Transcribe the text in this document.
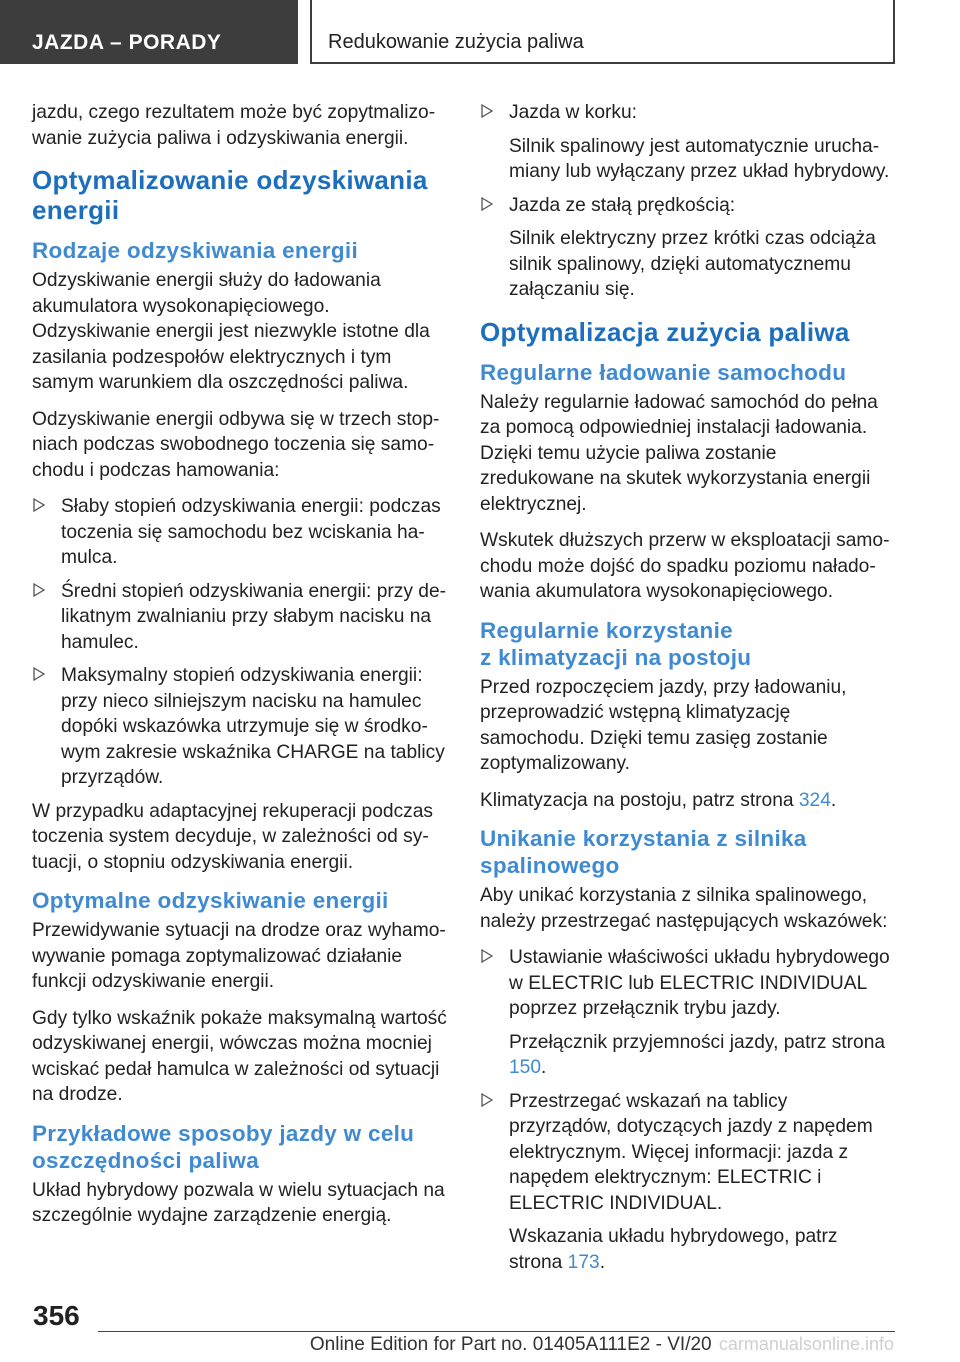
JAZDA – PORADY	Redukowanie zużycia paliwa

jazdu, czego rezultatem może być zopytmalizowanie zużycia paliwa i odzyskiwania energii.

Optymalizowanie odzyskiwania energii
Rodzaje odzyskiwania energii

Odzyskiwanie energii służy do ładowania akumulatora wysokonapięciowego. Odzyskiwanie energii jest niezwykle istotne dla zasilania podzespołów elektrycznych i tym samym warunkiem dla oszczędności paliwa.

Odzyskiwanie energii odbywa się w trzech stopniach podczas swobodnego toczenia się samochodu i podczas hamowania:

Słaby stopień odzyskiwania energii: podczas toczenia się samochodu bez wciskania hamulca.

Średni stopień odzyskiwania energii: przy delikatnym zwalnianiu przy słabym nacisku na hamulec.

Maksymalny stopień odzyskiwania energii: przy nieco silniejszym nacisku na hamulec dopóki wskazówka utrzymuje się w środkowym zakresie wskaźnika CHARGE na tablicy przyrządów.

W przypadku adaptacyjnej rekuperacji podczas toczenia system decyduje, w zależności od sytuacji, o stopniu odzyskiwania energii.

Optymalne odzyskiwanie energii

Przewidywanie sytuacji na drodze oraz wyhamowywanie pomaga zoptymalizować działanie funkcji odzyskiwanie energii.

Gdy tylko wskaźnik pokaże maksymalną wartość odzyskiwanej energii, wówczas można mocniej wciskać pedał hamulca w zależności od sytuacji na drodze.

Przykładowe sposoby jazdy w celu oszczędności paliwa

Układ hybrydowy pozwala w wielu sytuacjach na szczególnie wydajne zarządzenie energią.

Jazda w korku:

Silnik spalinowy jest automatycznie uruchamiany lub wyłączany przez układ hybrydowy.

Jazda ze stałą prędkością:

Silnik elektryczny przez krótki czas odciąża silnik spalinowy, dzięki automatycznemu załączaniu się.

Optymalizacja zużycia paliwa
Regularne ładowanie samochodu

Należy regularnie ładować samochód do pełna za pomocą odpowiedniej instalacji ładowania. Dzięki temu użycie paliwa zostanie zredukowane na skutek wykorzystania energii elektrycznej.

Wskutek dłuższych przerw w eksploatacji samochodu może dojść do spadku poziomu naładowania akumulatora wysokonapięciowego.

Regularnie korzystanie
z klimatyzacji na postoju

Przed rozpoczęciem jazdy, przy ładowaniu, przeprowadzić wstępną klimatyzację samochodu. Dzięki temu zasięg zostanie zoptymalizowany.

Klimatyzacja na postoju, patrz strona 324.

Unikanie korzystania z silnika spalinowego

Aby unikać korzystania z silnika spalinowego, należy przestrzegać następujących wskazówek:

Ustawianie właściwości układu hybrydowego w ELECTRIC lub ELECTRIC INDIVIDUAL poprzez przełącznik trybu jazdy.

Przełącznik przyjemności jazdy, patrz strona 150.

Przestrzegać wskazań na tablicy przyrządów, dotyczących jazdy z napędem elektrycznym. Więcej informacji: jazda z napędem elektrycznym: ELECTRIC i ELECTRIC INDIVIDUAL.

Wskazania układu hybrydowego, patrz strona 173.

356
Online Edition for Part no. 01405A111E2 - VI/20 carmanualsonline.info
